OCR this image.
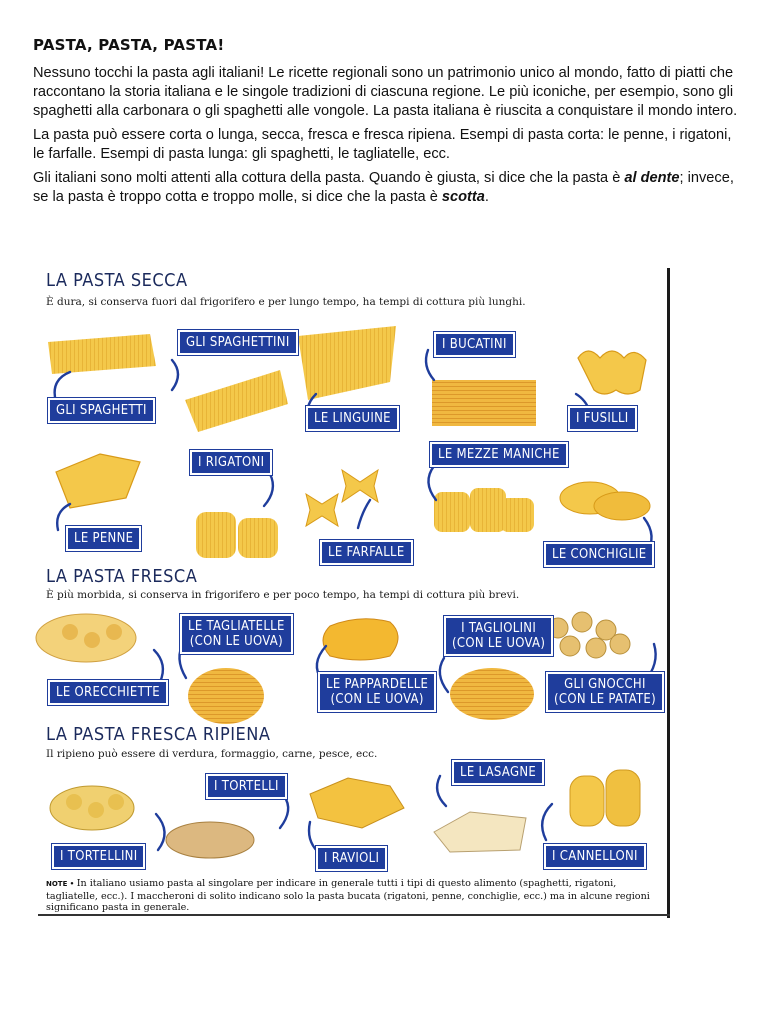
PASTA, PASTA, PASTA!

Nessuno tocchi la pasta agli italiani! Le ricette regionali sono un patrimonio unico al mondo, fatto di piatti che raccontano la storia italiana e le singole tradizioni di ciascuna regione. Le più iconiche, per esempio, sono gli spaghetti alla carbonara o gli spaghetti alle vongole. La pasta italiana è riuscita a conquistare il mondo intero.

La pasta può essere corta o lunga, secca, fresca e fresca ripiena. Esempi di pasta corta: le penne, i rigatoni, le farfalle. Esempi di pasta lunga: gli spaghetti, le tagliatelle, ecc.

Gli italiani sono molti attenti alla cottura della pasta. Quando è giusta, si dice che la pasta è al dente; invece, se la pasta è troppo cotta e troppo molle, si dice che la pasta è scotta.

LA PASTA SECCA
È dura, si conserva fuori dal frigorifero e per lungo tempo, ha tempi di cottura più lunghi.
GLI SPAGHETTINI	I BUCATINI
GLI SPAGHETTI
LE LINGUINE	I FUSILLI
I RIGATONI
LE MEZZE MANICHE
LE PENNE
LE FARFALLE	LE CONCHIGLIE
LA PASTA FRESCA
È più morbida, si conserva in frigorifero e per poco tempo, ha tempi di cottura più brevi.
LE TAGLIATELLE
(CON LE UOVA)
I TAGLIOLINI
(CON LE UOVA)
LE ORECCHIETTE
LE PAPPARDELLE
(CON LE UOVA)
GLI GNOCCHI
(CON LE PATATE)
LA PASTA FRESCA RIPIENA
Il ripieno può essere di verdura, formaggio, carne, pesce, ecc.
I TORTELLI
LE LASAGNE
I TORTELLINI	I RAVIOLI	I CANNELLONI
NOTE • In italiano usiamo pasta al singolare per indicare in generale tutti i tipi di questo alimento (spaghetti, rigatoni, tagliatelle, ecc.). I maccheroni di solito indicano solo la pasta bucata (rigatoni, penne, conchiglie, ecc.) ma in alcune regioni significano pasta in generale.
